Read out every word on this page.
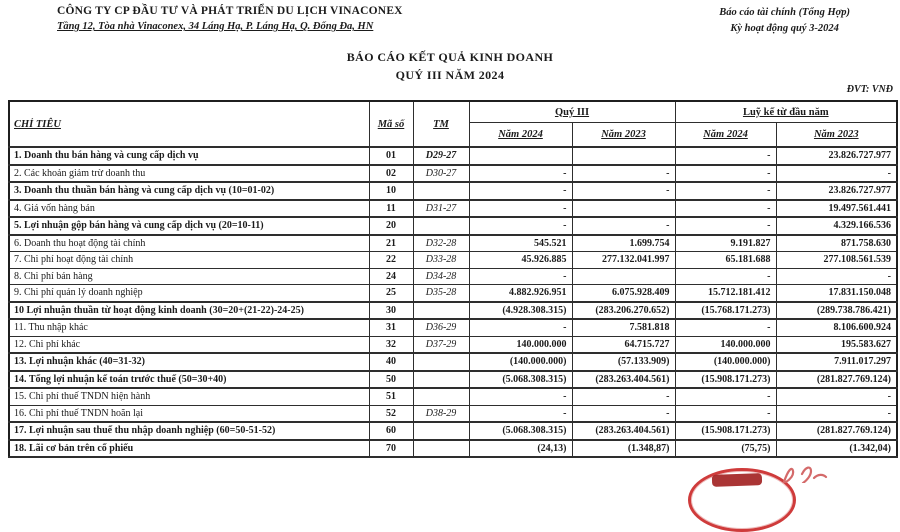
CÔNG TY CP ĐẦU TƯ VÀ PHÁT TRIỂN DU LỊCH VINACONEX
Tầng 12, Tòa nhà Vinaconex, 34 Láng Hạ, P. Láng Hạ, Q. Đống Đa, HN
Báo cáo tài chính (Tổng Hợp)
Kỳ hoạt động quý 3-2024
BÁO CÁO KẾT QUẢ KINH DOANH
QUÝ III NĂM 2024
ĐVT: VNĐ
CHỈ TIÊU	Mã số	TM	Quý III		Luỹ kế từ đầu năm	
			Năm 2024	Năm 2023	Năm 2024	Năm 2023
1. Doanh thu bán hàng và cung cấp dịch vụ	01	D29-27			-	23.826.727.977
2. Các khoản giảm trừ doanh thu	02	D30-27	-	-	-	-
3. Doanh thu thuần bán hàng và cung cấp dịch vụ (10=01-02)	10		-	-	-	23.826.727.977
4. Giá vốn hàng bán	11	D31-27	-		-	19.497.561.441
5. Lợi nhuận gộp bán hàng và cung cấp dịch vụ (20=10-11)	20		-	-	-	4.329.166.536
6. Doanh thu hoạt động tài chính	21	D32-28	545.521	1.699.754	9.191.827	871.758.630
7. Chi phí hoạt động tài chính	22	D33-28	45.926.885	277.132.041.997	65.181.688	277.108.561.539
8. Chi phí bán hàng	24	D34-28	-		-	-
9. Chi phí quản lý doanh nghiệp	25	D35-28	4.882.926.951	6.075.928.409	15.712.181.412	17.831.150.048
10 Lợi nhuận thuần từ hoạt động kinh doanh (30=20+(21-22)-24-25)	30		(4.928.308.315)	(283.206.270.652)	(15.768.171.273)	(289.738.786.421)
11. Thu nhập khác	31	D36-29	-	7.581.818	-	8.106.600.924
12. Chi phí khác	32	D37-29	140.000.000	64.715.727	140.000.000	195.583.627
13. Lợi nhuận khác (40=31-32)	40		(140.000.000)	(57.133.909)	(140.000.000)	7.911.017.297
14. Tổng lợi nhuận kế toán trước thuế (50=30+40)	50		(5.068.308.315)	(283.263.404.561)	(15.908.171.273)	(281.827.769.124)
15. Chi phí thuế TNDN hiện hành	51		-	-	-	-
16. Chi phí thuế TNDN hoãn lại	52	D38-29	-	-	-	-
17. Lợi nhuận sau thuế thu nhập doanh nghiệp (60=50-51-52)	60		(5.068.308.315)	(283.263.404.561)	(15.908.171.273)	(281.827.769.124)
18. Lãi cơ bản trên cổ phiếu	70		(24,13)	(1.348,87)	(75,75)	(1.342,04)
